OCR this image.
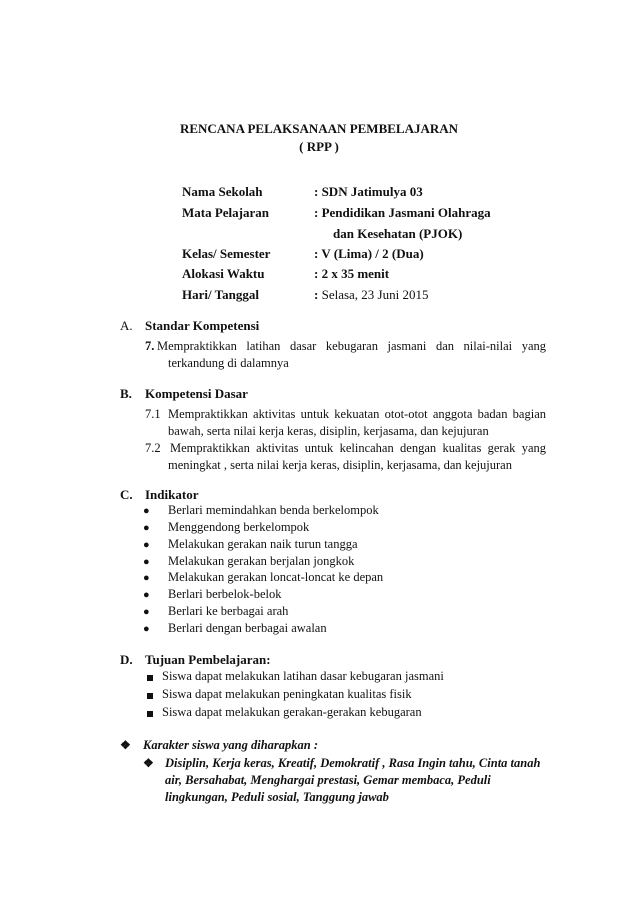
RENCANA PELAKSANAAN PEMBELAJARAN
( RPP )
Nama Sekolah	: SDN Jatimulya 03
Mata Pelajaran	: Pendidikan Jasmani Olahraga
dan Kesehatan (PJOK)
Kelas/ Semester	: V (Lima) / 2 (Dua)
Alokasi Waktu	: 2 x 35 menit
Hari/ Tanggal	: Selasa, 23 Juni 2015
A. Standar Kompetensi
7. Mempraktikkan latihan dasar kebugaran jasmani dan nilai-nilai yang
terkandung di dalamnya
B. Kompetensi Dasar
7.1 Mempraktikkan aktivitas untuk kekuatan otot-otot anggota badan bagian
bawah, serta nilai kerja keras, disiplin, kerjasama, dan kejujuran
7.2 Mempraktikkan aktivitas untuk kelincahan dengan kualitas gerak yang
meningkat , serta nilai kerja keras, disiplin, kerjasama, dan kejujuran
C. Indikator
● Berlari memindahkan benda berkelompok
● Menggendong berkelompok
● Melakukan gerakan naik turun tangga
● Melakukan gerakan berjalan jongkok
● Melakukan gerakan loncat-loncat ke depan
● Berlari berbelok-belok
● Berlari ke berbagai arah
● Berlari dengan berbagai awalan
D. Tujuan Pembelajaran:
Siswa dapat melakukan latihan dasar kebugaran jasmani
Siswa dapat melakukan peningkatan kualitas fisik
Siswa dapat melakukan gerakan-gerakan kebugaran
❖ Karakter siswa yang diharapkan :
❖ Disiplin, Kerja keras, Kreatif, Demokratif , Rasa Ingin tahu, Cinta tanah
air, Bersahabat, Menghargai prestasi, Gemar membaca, Peduli
lingkungan, Peduli sosial, Tanggung jawab
